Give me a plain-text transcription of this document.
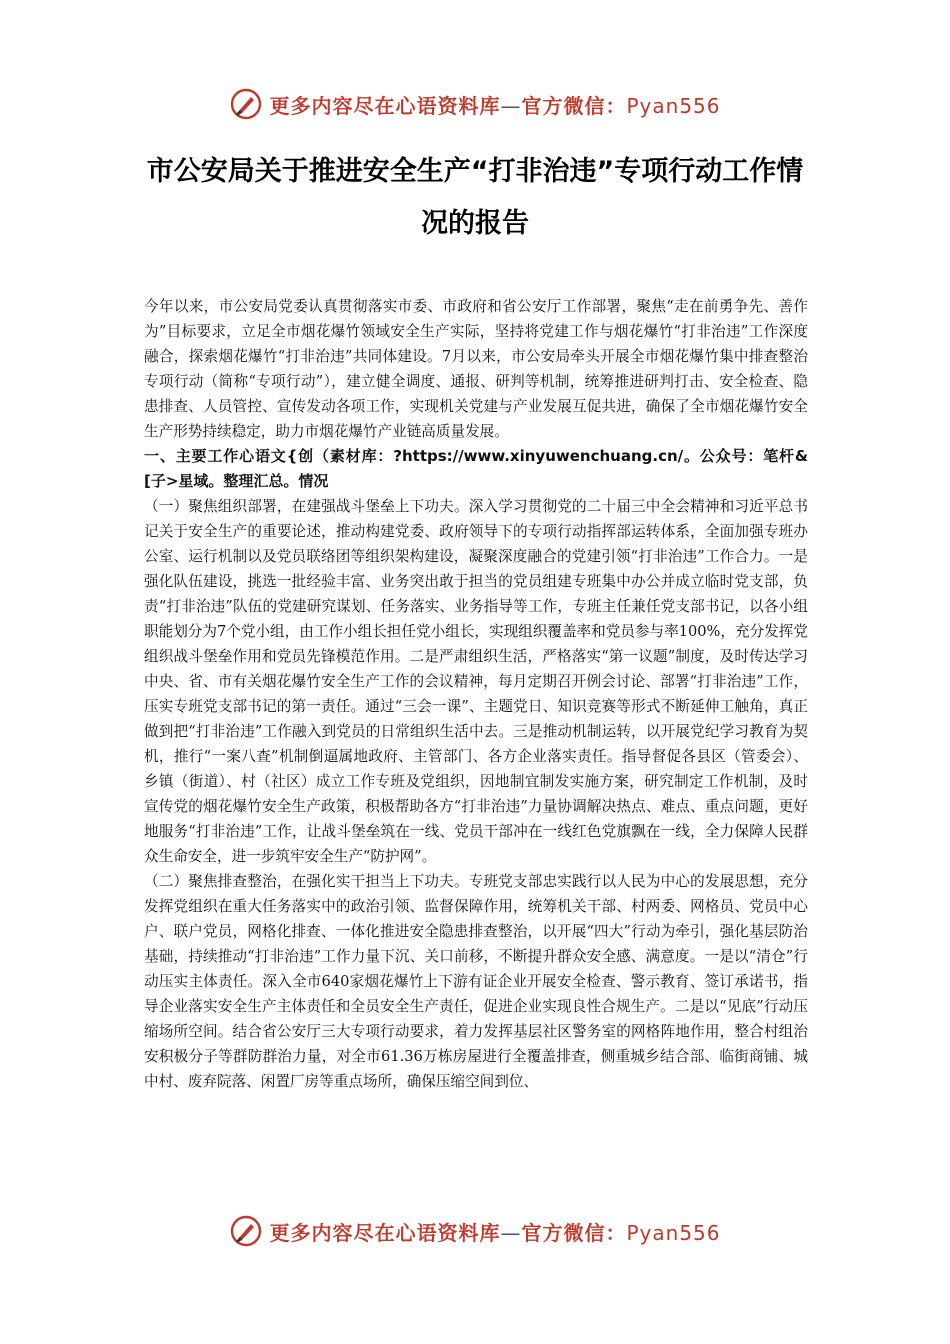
更多内容尽在心语资料库—官方微信：Pyan556
市公安局关于推进安全生产“打非治违”专项行动工作情况的报告

今年以来，市公安局党委认真贯彻落实市委、市政府和省公安厅工作部署，聚焦“走在前勇争先、善作为”目标要求，立足全市烟花爆竹领域安全生产实际，坚持将党建工作与烟花爆竹“打非治违”工作深度融合，探索烟花爆竹“打非治违”共同体建设。7月以来，市公安局牵头开展全市烟花爆竹集中排查整治专项行动（简称“专项行动”），建立健全调度、通报、研判等机制，统筹推进研判打击、安全检查、隐患排查、人员管控、宣传发动各项工作，实现机关党建与产业发展互促共进，确保了全市烟花爆竹安全生产形势持续稳定，助力市烟花爆竹产业链高质量发展。

一、主要工作心语文{创（素材库：?https://www.xinyuwenchuang.cn/。公众号：笔杆&[子>星域。整理汇总。情况

（一）聚焦组织部署，在建强战斗堡垒上下功夫。深入学习贯彻党的二十届三中全会精神和习近平总书记关于安全生产的重要论述，推动构建党委、政府领导下的专项行动指挥部运转体系，全面加强专班办公室、运行机制以及党员联络团等组织架构建设，凝聚深度融合的党建引领“打非治违”工作合力。一是强化队伍建设，挑选一批经验丰富、业务突出敢于担当的党员组建专班集中办公并成立临时党支部，负责“打非治违”队伍的党建研究谋划、任务落实、业务指导等工作，专班主任兼任党支部书记，以各小组职能划分为7个党小组，由工作小组长担任党小组长，实现组织覆盖率和党员参与率100%，充分发挥党组织战斗堡垒作用和党员先锋模范作用。二是严肃组织生活，严格落实“第一议题”制度，及时传达学习中央、省、市有关烟花爆竹安全生产工作的会议精神，每月定期召开例会讨论、部署“打非治违”工作，压实专班党支部书记的第一责任。通过“三会一课”、主题党日、知识竞赛等形式不断延伸工触角，真正做到把“打非治违”工作融入到党员的日常组织生活中去。三是推动机制运转，以开展党纪学习教育为契机，推行“一案八查”机制倒逼属地政府、主管部门、各方企业落实责任。指导督促各县区（管委会）、乡镇（街道）、村（社区）成立工作专班及党组织，因地制宜制发实施方案，研究制定工作机制，及时宣传党的烟花爆竹安全生产政策，积极帮助各方“打非治违”力量协调解决热点、难点、重点问题，更好地服务“打非治违”工作，让战斗堡垒筑在一线、党员干部冲在一线红色党旗飘在一线，全力保障人民群众生命安全，进一步筑牢安全生产“防护网”。

（二）聚焦排查整治，在强化实干担当上下功夫。专班党支部忠实践行以人民为中心的发展思想，充分发挥党组织在重大任务落实中的政治引领、监督保障作用，统筹机关干部、村两委、网格员、党员中心户、联户党员，网格化排查、一体化推进安全隐患排查整治，以开展“四大”行动为牵引，强化基层防治基础，持续推动“打非治违”工作力量下沉、关口前移，不断提升群众安全感、满意度。一是以“清仓”行动压实主体责任。深入全市640家烟花爆竹上下游有证企业开展安全检查、警示教育、签订承诺书，指导企业落实安全生产主体责任和全员安全生产责任，促进企业实现良性合规生产。二是以“见底”行动压缩场所空间。结合省公安厅三大专项行动要求，着力发挥基层社区警务室的网格阵地作用，整合村组治安积极分子等群防群治力量，对全市61.36万栋房屋进行全覆盖排查，侧重城乡结合部、临街商铺、城中村、废弃院落、闲置厂房等重点场所，确保压缩空间到位、

更多内容尽在心语资料库—官方微信：Pyan556
